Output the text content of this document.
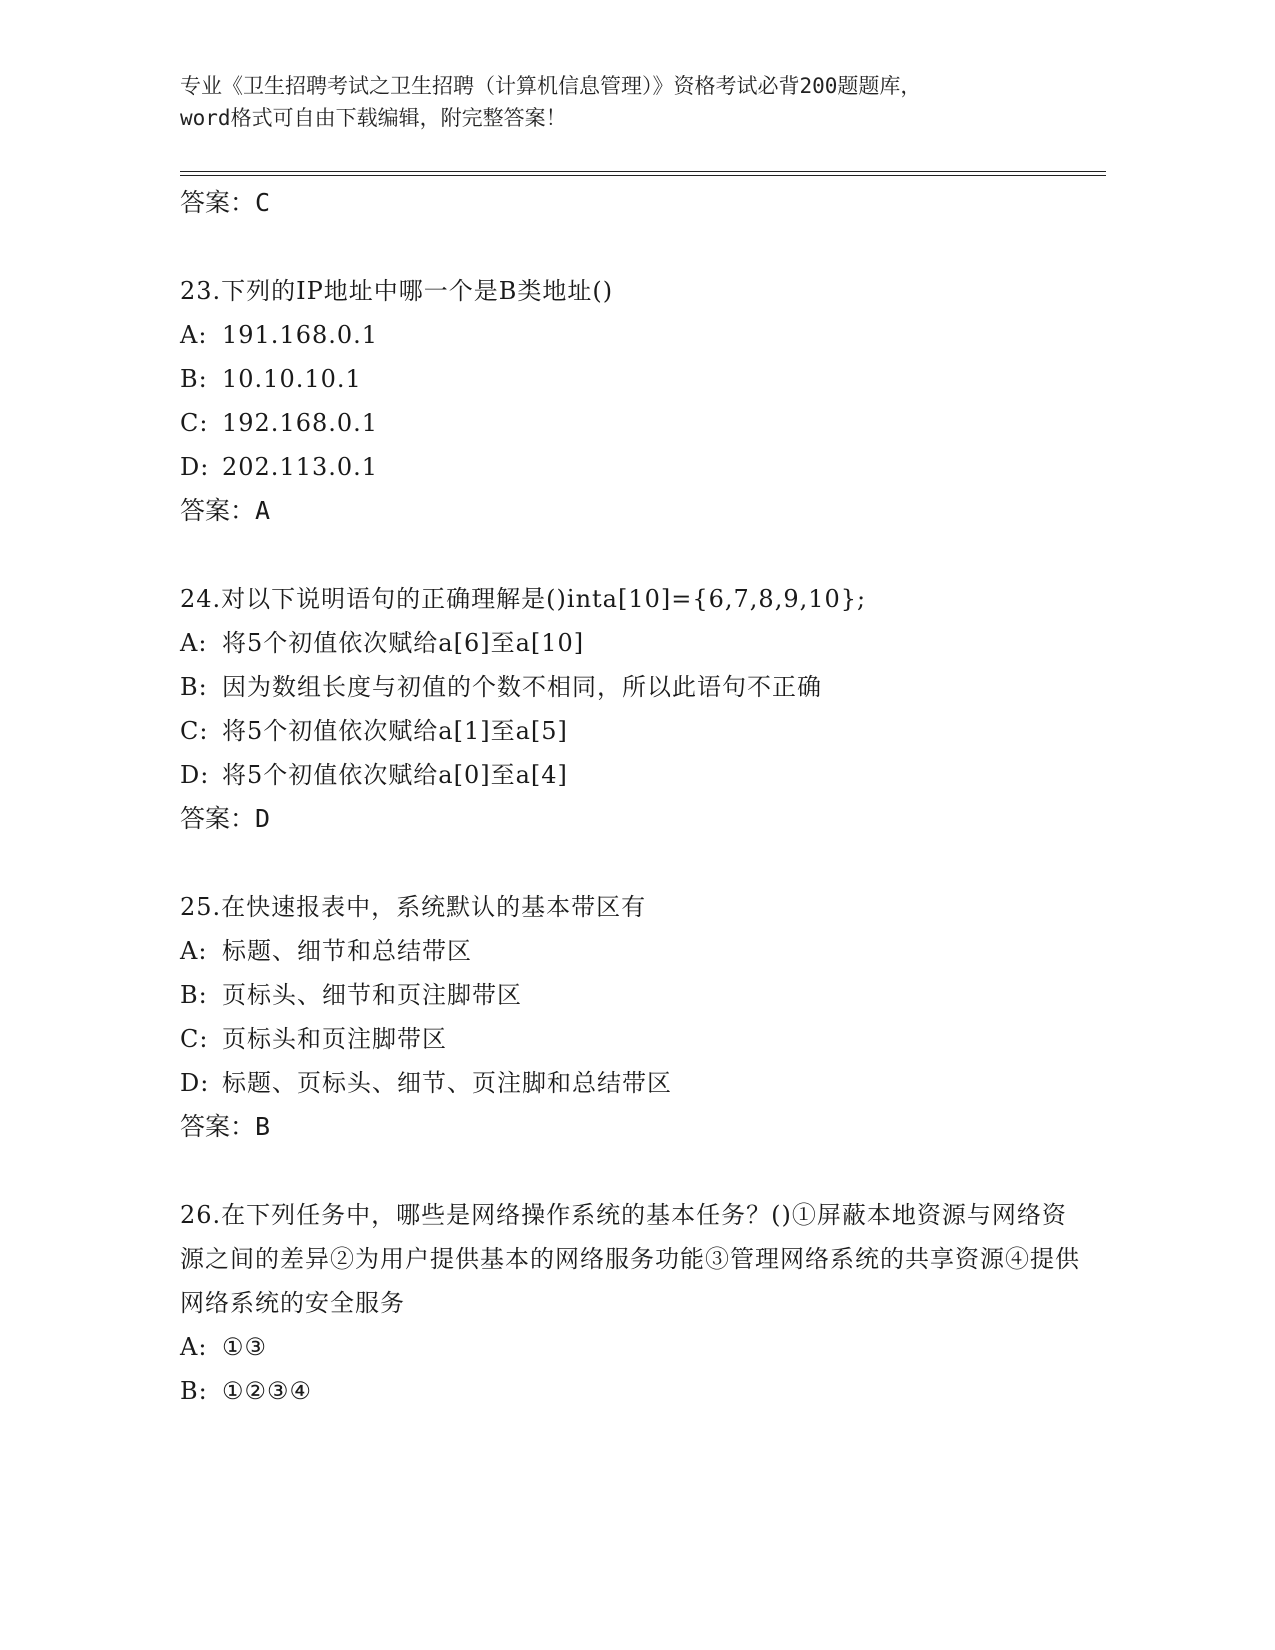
专业《卫生招聘考试之卫生招聘（计算机信息管理）》资格考试必背200题题库，
word格式可自由下载编辑，附完整答案！

答案：C

23.下列的IP地址中哪一个是B类地址()

A: 191.168.0.1

B: 10.10.10.1

C: 192.168.0.1

D: 202.113.0.1

答案：A

24.对以下说明语句的正确理解是()inta[10]={6,7,8,9,10};

A: 将5个初值依次赋给a[6]至a[10]

B: 因为数组长度与初值的个数不相同，所以此语句不正确

C: 将5个初值依次赋给a[1]至a[5]

D: 将5个初值依次赋给a[0]至a[4]

答案：D

25.在快速报表中，系统默认的基本带区有

A: 标题、细节和总结带区

B: 页标头、细节和页注脚带区

C: 页标头和页注脚带区

D: 标题、页标头、细节、页注脚和总结带区

答案：B

26.在下列任务中，哪些是网络操作系统的基本任务？()①屏蔽本地资源与网络资源之间的差异②为用户提供基本的网络服务功能③管理网络系统的共享资源④提供网络系统的安全服务

A: ①③

B: ①②③④
